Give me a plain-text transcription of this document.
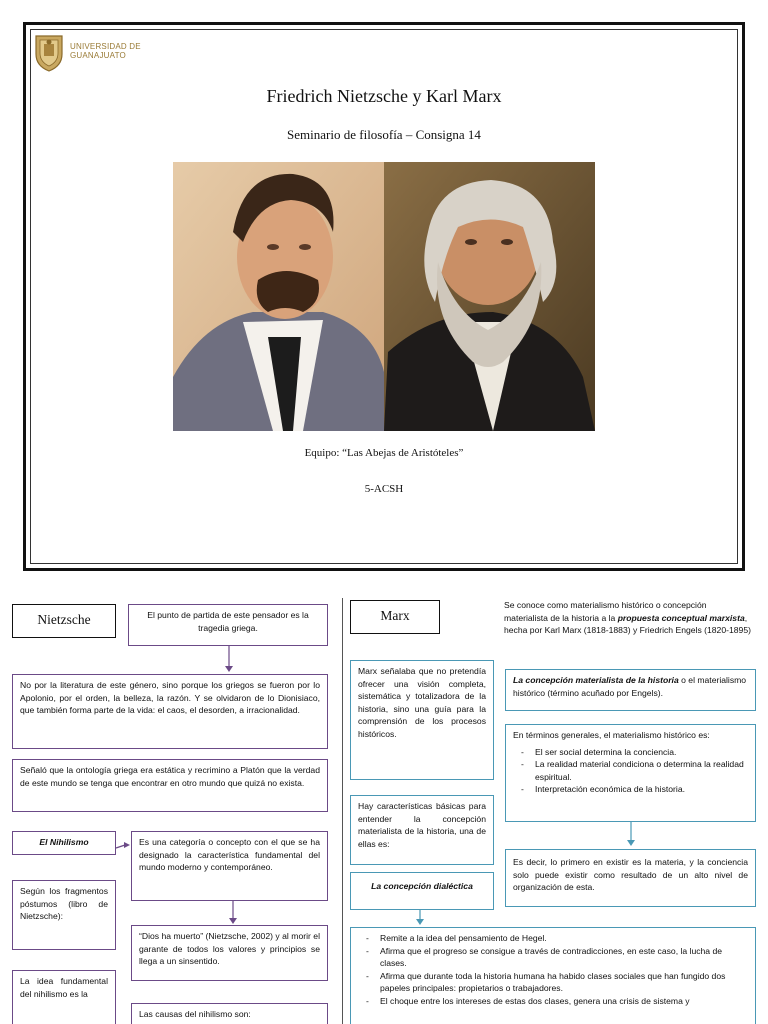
UNIVERSIDAD DE GUANAJUATO
Friedrich Nietzsche y Karl Marx
Seminario de filosofía – Consigna 14
Equipo: “Las Abejas de Aristóteles”
5-ACSH
Nietzsche	El punto de partida de este pensador es la tragedia griega.
No por la literatura de este género, sino porque los griegos se fueron por lo Apolonio, por el orden, la belleza, la razón. Y se olvidaron de lo Dionisiaco, que también forma parte de la vida: el caos, el desorden, a irracionalidad.
Señaló que la ontología griega era estática y recrimino a Platón que la verdad de este mundo se tenga que encontrar en otro mundo que quizá no exista.
El Nihilismo	Es una categoría o concepto con el que se ha designado la característica fundamental del mundo moderno y contemporáneo.
Según los fragmentos póstumos (libro de Nietzsche):
“Dios ha muerto” (Nietzsche, 2002) y al morir el garante de todos los valores y principios se llega a un sinsentido.
La idea fundamental del nihilismo es la
Las causas del nihilismo son:
Marx
Se conoce como materialismo histórico o concepción materialista de la historia a la propuesta conceptual marxista, hecha por Karl Marx (1818-1883) y Friedrich Engels (1820-1895)
Marx señalaba que no pretendía ofrecer una visión completa, sistemática y totalizadora de la historia, sino una guía para la comprensión de los procesos históricos.
La concepción materialista de la historia o el materialismo histórico (término acuñado por Engels).
En términos generales, el materialismo histórico es:
- El ser social determina la conciencia.
- La realidad material condiciona o determina la realidad espiritual.
- Interpretación económica de la historia.
Hay características básicas para entender la concepción materialista de la historia, una de ellas es:
Es decir, lo primero en existir es la materia, y la conciencia solo puede existir como resultado de un alto nivel de organización de esta.
La concepción dialéctica
- Remite a la idea del pensamiento de Hegel.
- Afirma que el progreso se consigue a través de contradicciones, en este caso, la lucha de clases.
- Afirma que durante toda la historia humana ha habido clases sociales que han fungido dos papeles principales: propietarios o trabajadores.
- El choque entre los intereses de estas dos clases, genera una crisis de sistema y
